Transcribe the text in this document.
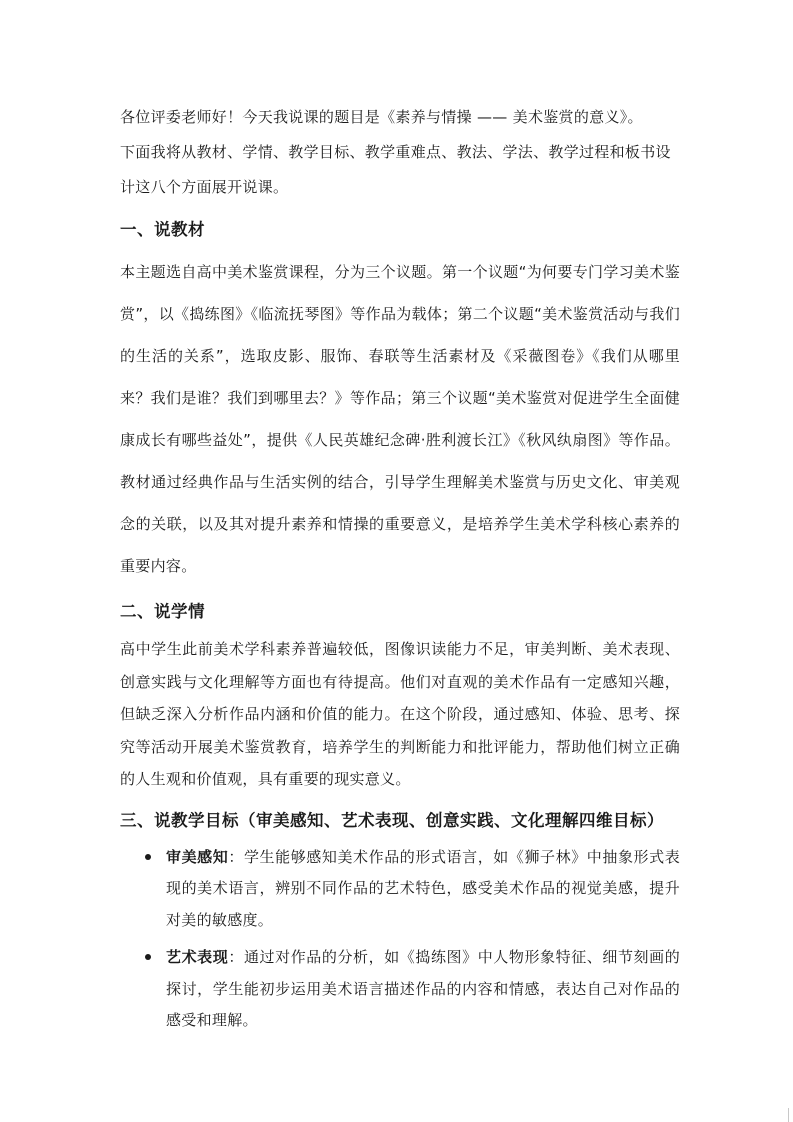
各位评委老师好！今天我说课的题目是《素养与情操 —— 美术鉴赏的意义》。
下面我将从教材、学情、教学目标、教学重难点、教法、学法、教学过程和板书设计这八个方面展开说课。
一、说教材

本主题选自高中美术鉴赏课程，分为三个议题。第一个议题“为何要专门学习美术鉴赏”，以《捣练图》《临流抚琴图》等作品为载体；第二个议题“美术鉴赏活动与我们的生活的关系”，选取皮影、服饰、春联等生活素材及《采薇图卷》《我们从哪里来？我们是谁？我们到哪里去？》等作品；第三个议题“美术鉴赏对促进学生全面健康成长有哪些益处”，提供《人民英雄纪念碑·胜利渡长江》《秋风纨扇图》等作品。教材通过经典作品与生活实例的结合，引导学生理解美术鉴赏与历史文化、审美观念的关联，以及其对提升素养和情操的重要意义，是培养学生美术学科核心素养的重要内容。

二、说学情

高中学生此前美术学科素养普遍较低，图像识读能力不足，审美判断、美术表现、创意实践与文化理解等方面也有待提高。他们对直观的美术作品有一定感知兴趣，但缺乏深入分析作品内涵和价值的能力。在这个阶段，通过感知、体验、思考、探究等活动开展美术鉴赏教育，培养学生的判断能力和批评能力，帮助他们树立正确的人生观和价值观，具有重要的现实意义。

三、说教学目标（审美感知、艺术表现、创意实践、文化理解四维目标）
审美感知：学生能够感知美术作品的形式语言，如《狮子林》中抽象形式表现的美术语言，辨别不同作品的艺术特色，感受美术作品的视觉美感，提升对美的敏感度。
艺术表现：通过对作品的分析，如《捣练图》中人物形象特征、细节刻画的探讨，学生能初步运用美术语言描述作品的内容和情感，表达自己对作品的感受和理解。
